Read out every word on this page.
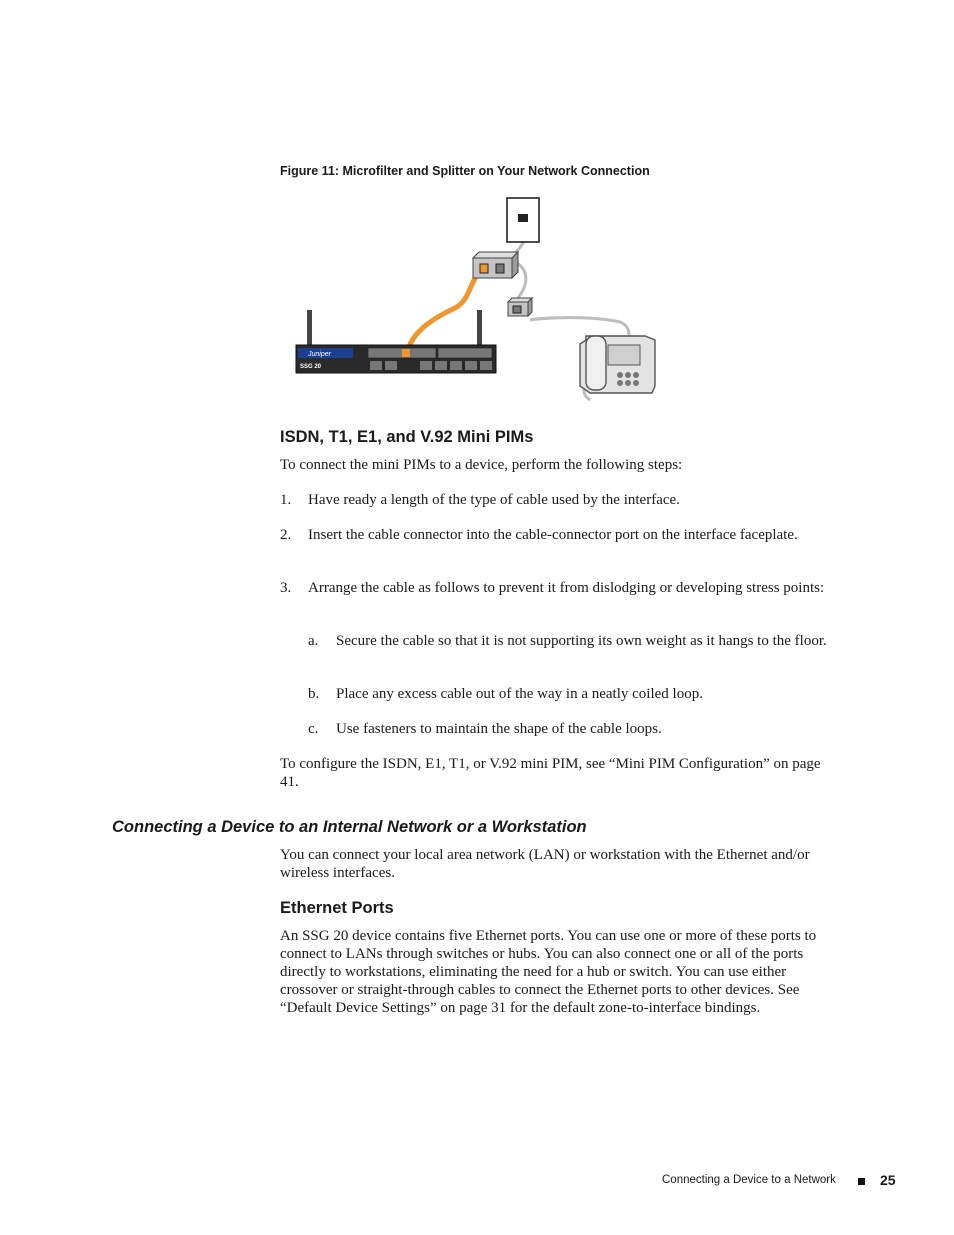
Figure 11: Microfilter and Splitter on Your Network Connection
Juniper
SSG 20
ISDN, T1, E1, and V.92 Mini PIMs
To connect the mini PIMs to a device, perform the following steps:
1. Have ready a length of the type of cable used by the interface.
2. Insert the cable connector into the cable-connector port on the interface faceplate.
3. Arrange the cable as follows to prevent it from dislodging or developing stress points:
a. Secure the cable so that it is not supporting its own weight as it hangs to the floor.
b. Place any excess cable out of the way in a neatly coiled loop.
c. Use fasteners to maintain the shape of the cable loops.
To configure the ISDN, E1, T1, or V.92 mini PIM, see “Mini PIM Configuration” on page 41.
Connecting a Device to an Internal Network or a Workstation
You can connect your local area network (LAN) or workstation with the Ethernet and/or wireless interfaces.
Ethernet Ports
An SSG 20 device contains five Ethernet ports. You can use one or more of these ports to connect to LANs through switches or hubs. You can also connect one or all of the ports directly to workstations, eliminating the need for a hub or switch. You can use either crossover or straight-through cables to connect the Ethernet ports to other devices. See “Default Device Settings” on page 31 for the default zone-to-interface bindings.
Connecting a Device to a Network	25
